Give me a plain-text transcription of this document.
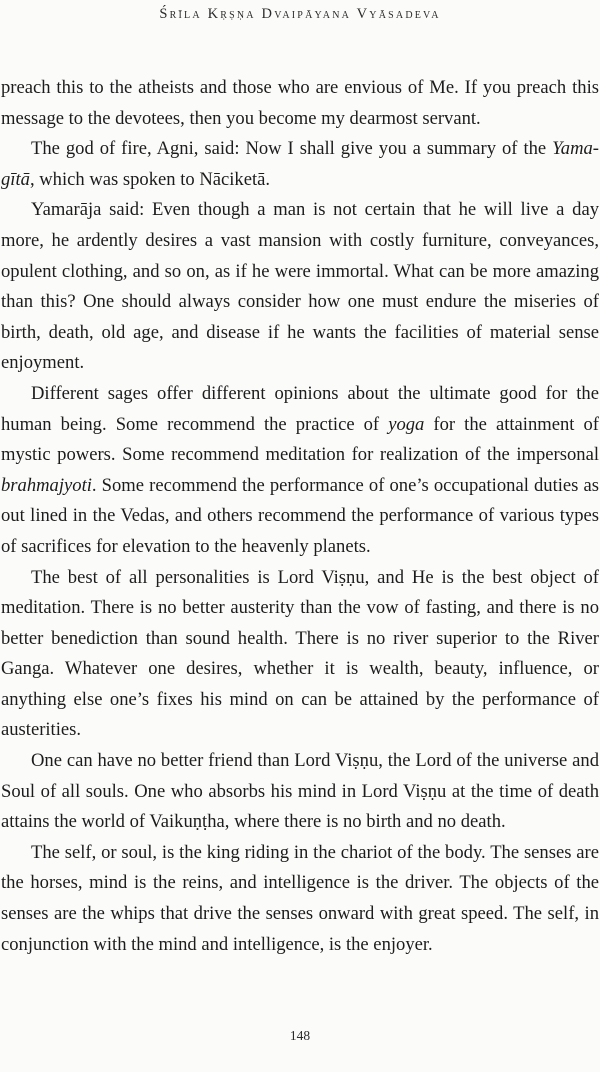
Śrīla Kṛṣṇa Dvaipāyana Vyāsadeva

preach this to the atheists and those who are envious of Me. If you preach this message to the devotees, then you become my dearmost servant.

The god of fire, Agni, said: Now I shall give you a summary of the Yama-gītā, which was spoken to Nāciketā.

Yamarāja said: Even though a man is not certain that he will live a day more, he ardently desires a vast mansion with costly furniture, conveyances, opulent clothing, and so on, as if he were immortal. What can be more amazing than this? One should always consider how one must endure the miseries of birth, death, old age, and disease if he wants the facilities of material sense enjoyment.

Different sages offer different opinions about the ultimate good for the human being. Some recommend the practice of yoga for the attainment of mystic powers. Some recommend meditation for realization of the impersonal brahmajyoti. Some recommend the performance of one’s occupational duties as out lined in the Vedas, and others recommend the performance of various types of sacrifices for elevation to the heavenly planets.

The best of all personalities is Lord Viṣṇu, and He is the best object of meditation. There is no better austerity than the vow of fasting, and there is no better benediction than sound health. There is no river superior to the River Ganga. Whatever one desires, whether it is wealth, beauty, influence, or anything else one’s fixes his mind on can be attained by the performance of austerities.

One can have no better friend than Lord Viṣṇu, the Lord of the universe and Soul of all souls. One who absorbs his mind in Lord Viṣṇu at the time of death attains the world of Vaikuṇṭha, where there is no birth and no death.

The self, or soul, is the king riding in the chariot of the body. The senses are the horses, mind is the reins, and intelligence is the driver. The objects of the senses are the whips that drive the senses onward with great speed. The self, in conjunction with the mind and intelligence, is the enjoyer.

148
